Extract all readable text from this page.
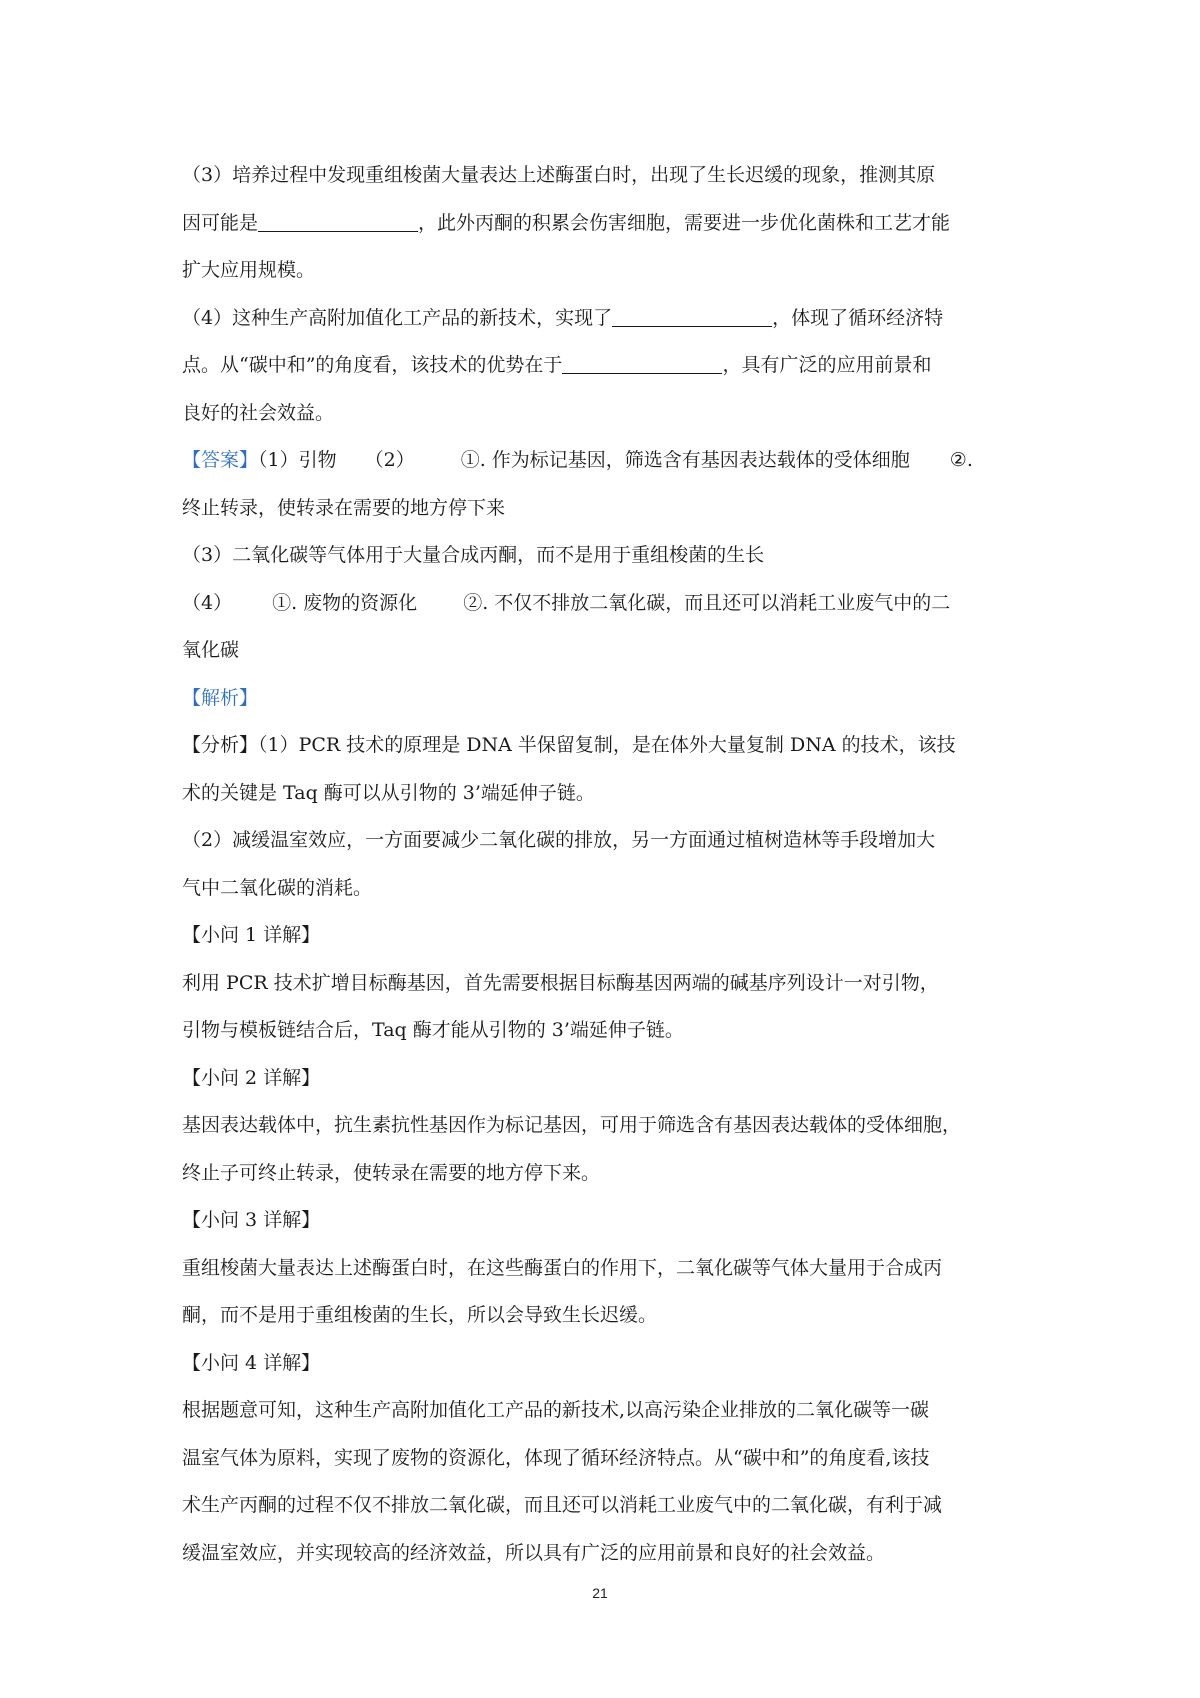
（3）培养过程中发现重组梭菌大量表达上述酶蛋白时，出现了生长迟缓的现象，推测其原
因可能是	，此外丙酮的积累会伤害细胞，需要进一步优化菌株和工艺才能
扩大应用规模。
（4）这种生产高附加值化工产品的新技术，实现了	，体现了循环经济特
点。从“碳中和”的角度看，该技术的优势在于	，具有广泛的应用前景和
良好的社会效益。
【答案】（1）引物 （2） ①. 作为标记基因，筛选含有基因表达载体的受体细胞 ②.
终止转录，使转录在需要的地方停下来
（3）二氧化碳等气体用于大量合成丙酮，而不是用于重组梭菌的生长
（4） ①. 废物的资源化 ②. 不仅不排放二氧化碳，而且还可以消耗工业废气中的二
氧化碳
【解析】
【分析】（1）PCR 技术的原理是 DNA 半保留复制，是在体外大量复制 DNA 的技术，该技
术的关键是 Taq 酶可以从引物的 3’端延伸子链。
（2）减缓温室效应，一方面要减少二氧化碳的排放，另一方面通过植树造林等手段增加大
气中二氧化碳的消耗。
【小问 1 详解】
利用 PCR 技术扩增目标酶基因，首先需要根据目标酶基因两端的碱基序列设计一对引物，
引物与模板链结合后，Taq 酶才能从引物的 3’端延伸子链。
【小问 2 详解】
基因表达载体中，抗生素抗性基因作为标记基因，可用于筛选含有基因表达载体的受体细胞，
终止子可终止转录，使转录在需要的地方停下来。
【小问 3 详解】
重组梭菌大量表达上述酶蛋白时，在这些酶蛋白的作用下，二氧化碳等气体大量用于合成丙
酮，而不是用于重组梭菌的生长，所以会导致生长迟缓。
【小问 4 详解】
根据题意可知，这种生产高附加值化工产品的新技术,以高污染企业排放的二氧化碳等一碳
温室气体为原料，实现了废物的资源化，体现了循环经济特点。从“碳中和”的角度看,该技
术生产丙酮的过程不仅不排放二氧化碳，而且还可以消耗工业废气中的二氧化碳，有利于减
缓温室效应，并实现较高的经济效益，所以具有广泛的应用前景和良好的社会效益。
21
